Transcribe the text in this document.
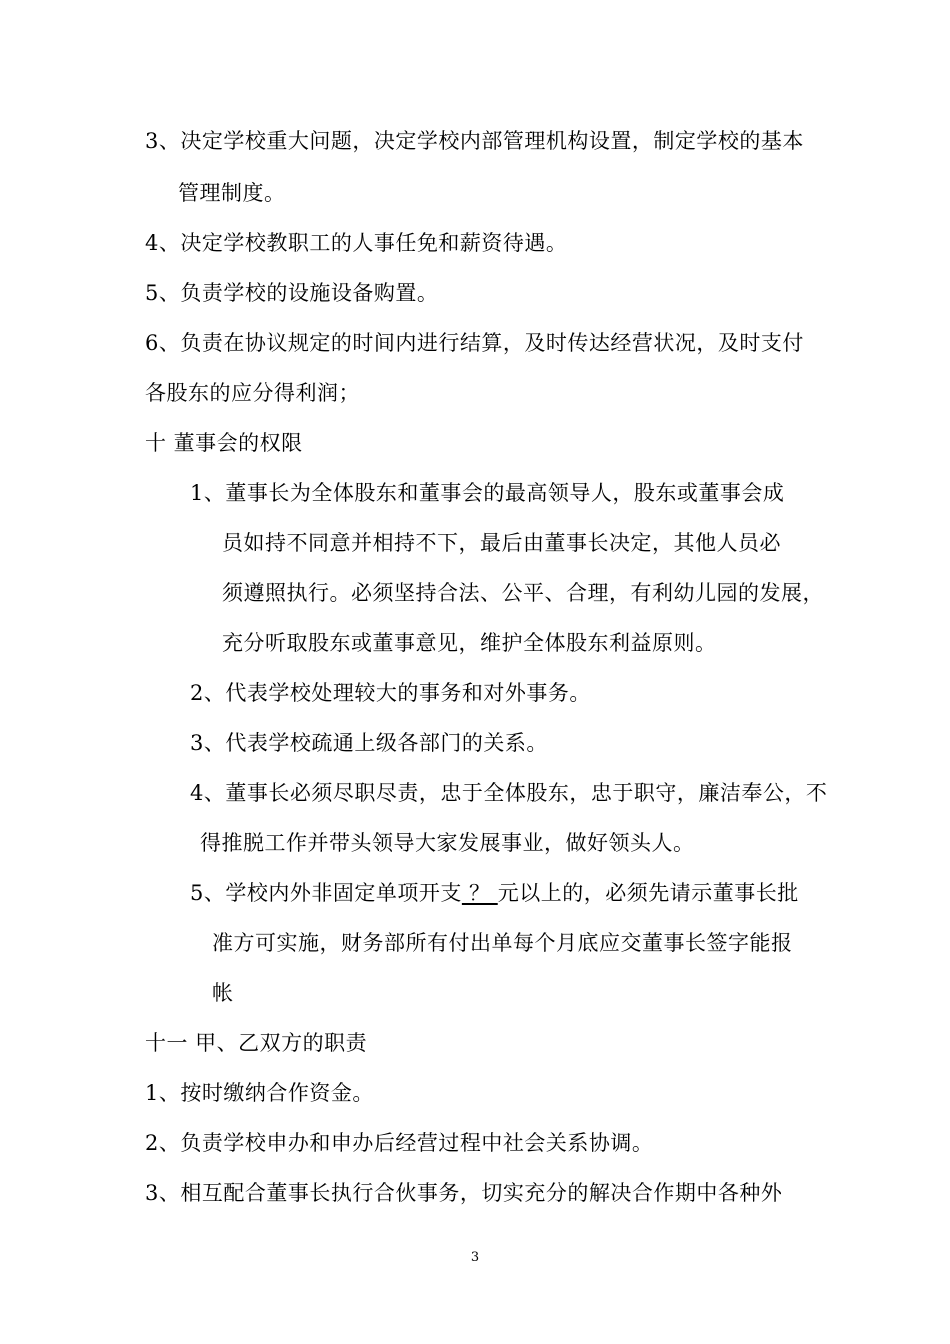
3、决定学校重大问题，决定学校内部管理机构设置，制定学校的基本
管理制度。
4、决定学校教职工的人事任免和薪资待遇。
5、负责学校的设施设备购置。
6、负责在协议规定的时间内进行结算，及时传达经营状况，及时支付
各股东的应分得利润；
十 董事会的权限
1、董事长为全体股东和董事会的最高领导人，股东或董事会成
员如持不同意并相持不下，最后由董事长决定，其他人员必
须遵照执行。必须坚持合法、公平、合理，有利幼儿园的发展，
充分听取股东或董事意见，维护全体股东利益原则。
2、代表学校处理较大的事务和对外事务。
3、代表学校疏通上级各部门的关系。
4、董事长必须尽职尽责，忠于全体股东，忠于职守，廉洁奉公，不
得推脱工作并带头领导大家发展事业，做好领头人。
5、学校内外非固定单项开支 ？ 元以上的，必须先请示董事长批
准方可实施，财务部所有付出单每个月底应交董事长签字能报
帐
十一 甲、乙双方的职责
1、按时缴纳合作资金。
2、负责学校申办和申办后经营过程中社会关系协调。
3、相互配合董事长执行合伙事务，切实充分的解决合作期中各种外
3
